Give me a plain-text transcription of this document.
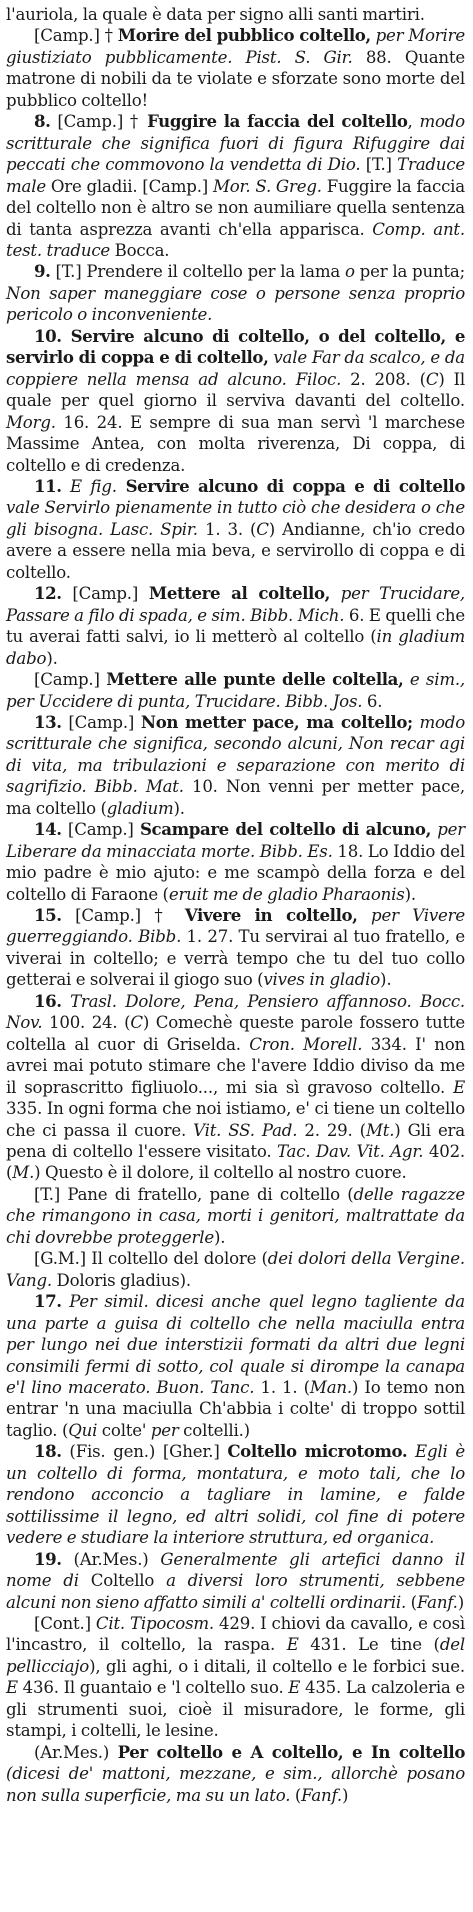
l'auriola, la quale è data per signo alli santi martiri.

[Camp.] † Morire del pubblico coltello, per Morire giustiziato pubblicamente. Pist. S. Gir. 88. Quante matrone di nobili da te violate e sforzate sono morte del pubblico coltello!

8. [Camp.] † Fuggire la faccia del coltello, modo scritturale che significa fuori di figura Rifuggire dai peccati che commovono la vendetta di Dio. [T.] Traduce male Ore gladii. [Camp.] Mor. S. Greg. Fuggire la faccia del coltello non è altro se non aumiliare quella sentenza di tanta asprezza avanti ch'ella apparisca. Comp. ant. test. traduce Bocca.

9. [T.] Prendere il coltello per la lama o per la punta; Non saper maneggiare cose o persone senza proprio pericolo o inconveniente.

10. Servire alcuno di coltello, o del coltello, e servirlo di coppa e di coltello, vale Far da scalco, e da coppiere nella mensa ad alcuno. Filoc. 2. 208. (C) Il quale per quel giorno il serviva davanti del coltello. Morg. 16. 24. E sempre di sua man servì 'l marchese Massime Antea, con molta riverenza, Di coppa, di coltello e di credenza.

11. E fig. Servire alcuno di coppa e di coltello vale Servirlo pienamente in tutto ciò che desidera o che gli bisogna. Lasc. Spir. 1. 3. (C) Andianne, ch'io credo avere a essere nella mia beva, e servirollo di coppa e di coltello.

12. [Camp.] Mettere al coltello, per Trucidare, Passare a filo di spada, e sim. Bibb. Mich. 6. E quelli che tu averai fatti salvi, io li metterò al coltello (in gladium dabo).

[Camp.] Mettere alle punte delle coltella, e sim., per Uccidere di punta, Trucidare. Bibb. Jos. 6.

13. [Camp.] Non metter pace, ma coltello; modo scritturale che significa, secondo alcuni, Non recar agi di vita, ma tribulazioni e separazione con merito di sagrifizio. Bibb. Mat. 10. Non venni per metter pace, ma coltello (gladium).

14. [Camp.] Scampare del coltello di alcuno, per Liberare da minacciata morte. Bibb. Es. 18. Lo Iddio del mio padre è mio ajuto: e me scampò della forza e del coltello di Faraone (eruit me de gladio Pharaonis).

15. [Camp.] † Vivere in coltello, per Vivere guerreggiando. Bibb. 1. 27. Tu servirai al tuo fratello, e viverai in coltello; e verrà tempo che tu del tuo collo getterai e solverai il giogo suo (vives in gladio).

16. Trasl. Dolore, Pena, Pensiero affannoso. Bocc. Nov. 100. 24. (C) Comechè queste parole fossero tutte coltella al cuor di Griselda. Cron. Morell. 334. I' non avrei mai potuto stimare che l'avere Iddio diviso da me il soprascritto figliuolo..., mi sia sì gravoso coltello. E 335. In ogni forma che noi istiamo, e' ci tiene un coltello che ci passa il cuore. Vit. SS. Pad. 2. 29. (Mt.) Gli era pena di coltello l'essere visitato. Tac. Dav. Vit. Agr. 402. (M.) Questo è il dolore, il coltello al nostro cuore.

[T.] Pane di fratello, pane di coltello (delle ragazze che rimangono in casa, morti i genitori, maltrattate da chi dovrebbe proteggerle).

[G.M.] Il coltello del dolore (dei dolori della Vergine. Vang. Doloris gladius).

17. Per simil. dicesi anche quel legno tagliente da una parte a guisa di coltello che nella maciulla entra per lungo nei due interstizii formati da altri due legni consimili fermi di sotto, col quale si dirompe la canapa e'l lino macerato. Buon. Tanc. 1. 1. (Man.) Io temo non entrar 'n una maciulla Ch'abbia i colte' di troppo sottil taglio. (Qui colte' per coltelli.)

18. (Fis. gen.) [Gher.] Coltello microtomo. Egli è un coltello di forma, montatura, e moto tali, che lo rendono acconcio a tagliare in lamine, e falde sottilissime il legno, ed altri solidi, col fine di potere vedere e studiare la interiore struttura, ed organica.

19. (Ar.Mes.) Generalmente gli artefici danno il nome di Coltello a diversi loro strumenti, sebbene alcuni non sieno affatto simili a' coltelli ordinarii. (Fanf.)

[Cont.] Cit. Tipocosm. 429. I chiovi da cavallo, e così l'incastro, il coltello, la raspa. E 431. Le tine (del pellicciajo), gli aghi, o i ditali, il coltello e le forbici sue. E 436. Il guantaio e 'l coltello suo. E 435. La calzoleria e gli strumenti suoi, cioè il misuradore, le forme, gli stampi, i coltelli, le lesine.

(Ar.Mes.) Per coltello e A coltello, e In coltello (dicesi de' mattoni, mezzane, e sim., allorchè posano non sulla superficie, ma su un lato. (Fanf.)
